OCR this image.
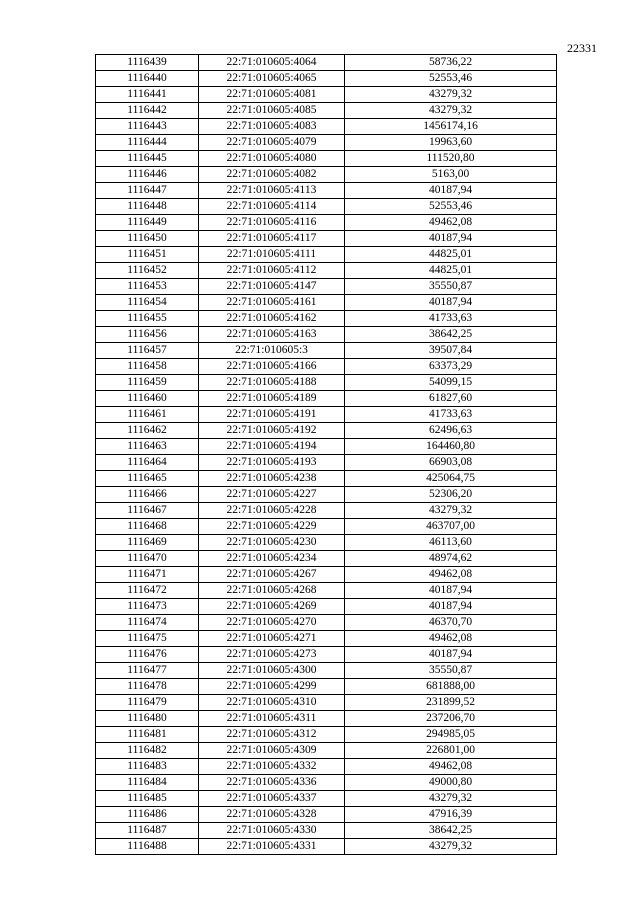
22331
1116439	22:71:010605:4064	58736,22
1116440	22:71:010605:4065	52553,46
1116441	22:71:010605:4081	43279,32
1116442	22:71:010605:4085	43279,32
1116443	22:71:010605:4083	1456174,16
1116444	22:71:010605:4079	19963,60
1116445	22:71:010605:4080	111520,80
1116446	22:71:010605:4082	5163,00
1116447	22:71:010605:4113	40187,94
1116448	22:71:010605:4114	52553,46
1116449	22:71:010605:4116	49462,08
1116450	22:71:010605:4117	40187,94
1116451	22:71:010605:4111	44825,01
1116452	22:71:010605:4112	44825,01
1116453	22:71:010605:4147	35550,87
1116454	22:71:010605:4161	40187,94
1116455	22:71:010605:4162	41733,63
1116456	22:71:010605:4163	38642,25
1116457	22:71:010605:3	39507,84
1116458	22:71:010605:4166	63373,29
1116459	22:71:010605:4188	54099,15
1116460	22:71:010605:4189	61827,60
1116461	22:71:010605:4191	41733,63
1116462	22:71:010605:4192	62496,63
1116463	22:71:010605:4194	164460,80
1116464	22:71:010605:4193	66903,08
1116465	22:71:010605:4238	425064,75
1116466	22:71:010605:4227	52306,20
1116467	22:71:010605:4228	43279,32
1116468	22:71:010605:4229	463707,00
1116469	22:71:010605:4230	46113,60
1116470	22:71:010605:4234	48974,62
1116471	22:71:010605:4267	49462,08
1116472	22:71:010605:4268	40187,94
1116473	22:71:010605:4269	40187,94
1116474	22:71:010605:4270	46370,70
1116475	22:71:010605:4271	49462,08
1116476	22:71:010605:4273	40187,94
1116477	22:71:010605:4300	35550,87
1116478	22:71:010605:4299	681888,00
1116479	22:71:010605:4310	231899,52
1116480	22:71:010605:4311	237206,70
1116481	22:71:010605:4312	294985,05
1116482	22:71:010605:4309	226801,00
1116483	22:71:010605:4332	49462,08
1116484	22:71:010605:4336	49000,80
1116485	22:71:010605:4337	43279,32
1116486	22:71:010605:4328	47916,39
1116487	22:71:010605:4330	38642,25
1116488	22:71:010605:4331	43279,32
